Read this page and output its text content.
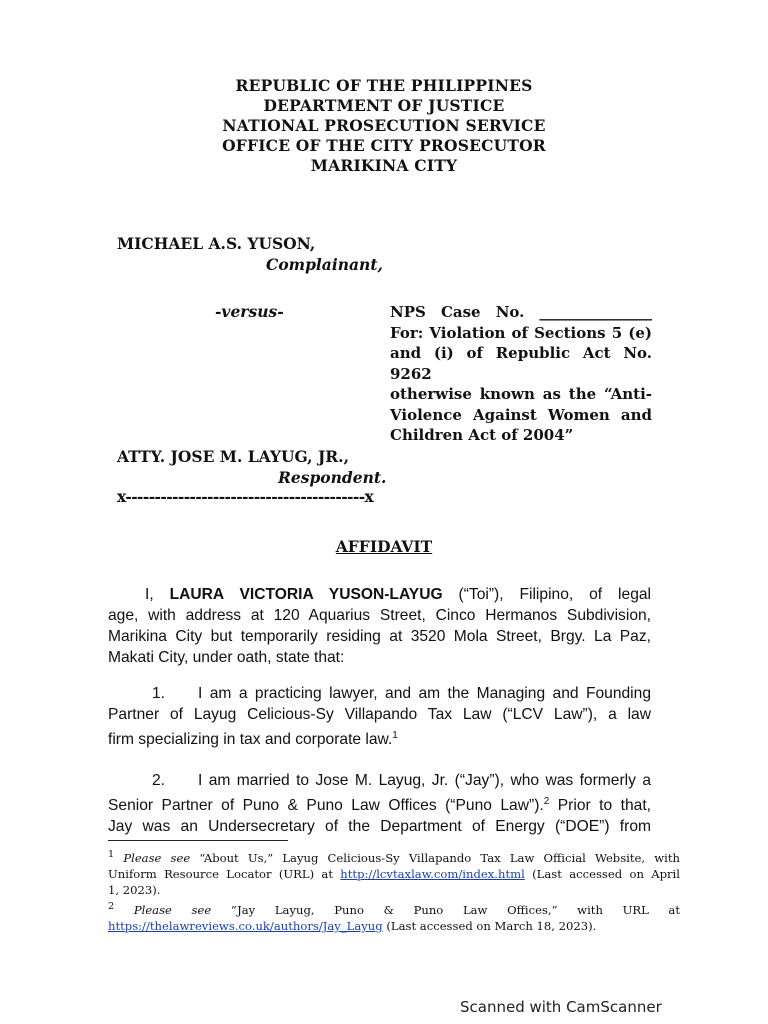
REPUBLIC OF THE PHILIPPINES
DEPARTMENT OF JUSTICE
NATIONAL PROSECUTION SERVICE
OFFICE OF THE CITY PROSECUTOR
MARIKINA CITY
MICHAEL A.S. YUSON,
Complainant,
-versus-	NPS Case No. _______________
For: Violation of Sections 5 (e)
and (i) of Republic Act No. 9262
otherwise known as the “Anti-
Violence Against Women and
Children Act of 2004”
ATTY. JOSE M. LAYUG, JR.,
Respondent.
x-----------------------------------------x
AFFIDAVIT
I, LAURA VICTORIA YUSON-LAYUG (“Toi”), Filipino, of legal
age, with address at 120 Aquarius Street, Cinco Hermanos Subdivision,
Marikina City but temporarily residing at 3520 Mola Street, Brgy. La Paz,
Makati City, under oath, state that:
1. I am a practicing lawyer, and am the Managing and Founding
Partner of Layug Celicious-Sy Villapando Tax Law (“LCV Law”), a law
firm specializing in tax and corporate law.$^1$
2. I am married to Jose M. Layug, Jr. (“Jay”), who was formerly a
Senior Partner of Puno & Puno Law Offices (“Puno Law”).$^2$ Prior to that,
Jay was an Undersecretary of the Department of Energy (“DOE”) from
$^1$ Please see “About Us,” Layug Celicious-Sy Villapando Tax Law Official Website, with
Uniform Resource Locator (URL) at http://lcvtaxlaw.com/index.html (Last accessed on April
1, 2023).
$^2$ Please see “Jay Layug, Puno & Puno Law Offices,” with URL at
https://thelawreviews.co.uk/authors/Jay_Layug (Last accessed on March 18, 2023).
Scanned with CamScanner
